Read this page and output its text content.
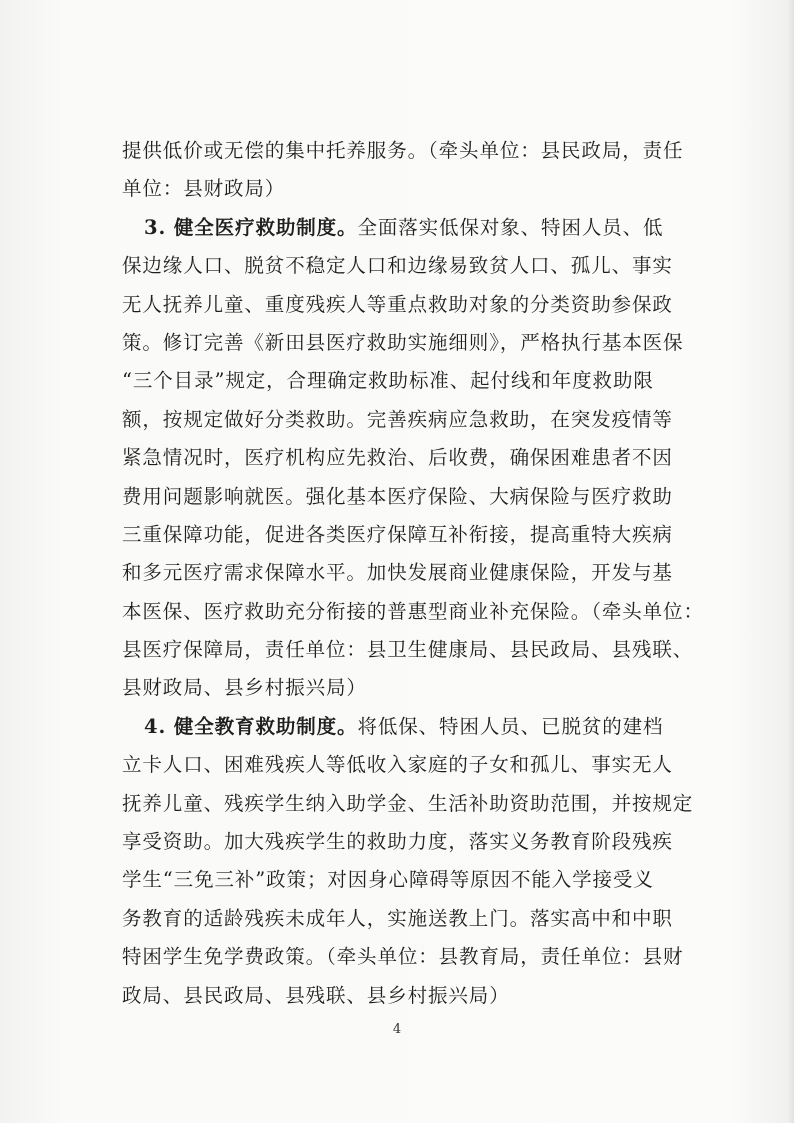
提供低价或无偿的集中托养服务。（牵头单位：县民政局，责任
单位：县财政局）
3. 健全医疗救助制度。全面落实低保对象、特困人员、低
保边缘人口、脱贫不稳定人口和边缘易致贫人口、孤儿、事实
无人抚养儿童、重度残疾人等重点救助对象的分类资助参保政
策。修订完善《新田县医疗救助实施细则》，严格执行基本医保
“三个目录”规定，合理确定救助标准、起付线和年度救助限
额，按规定做好分类救助。完善疾病应急救助，在突发疫情等
紧急情况时，医疗机构应先救治、后收费，确保困难患者不因
费用问题影响就医。强化基本医疗保险、大病保险与医疗救助
三重保障功能，促进各类医疗保障互补衔接，提高重特大疾病
和多元医疗需求保障水平。加快发展商业健康保险，开发与基
本医保、医疗救助充分衔接的普惠型商业补充保险。（牵头单位：
县医疗保障局，责任单位：县卫生健康局、县民政局、县残联、
县财政局、县乡村振兴局）
4. 健全教育救助制度。将低保、特困人员、已脱贫的建档
立卡人口、困难残疾人等低收入家庭的子女和孤儿、事实无人
抚养儿童、残疾学生纳入助学金、生活补助资助范围，并按规定
享受资助。加大残疾学生的救助力度，落实义务教育阶段残疾
学生“三免三补”政策；对因身心障碍等原因不能入学接受义
务教育的适龄残疾未成年人，实施送教上门。落实高中和中职
特困学生免学费政策。（牵头单位：县教育局，责任单位：县财
政局、县民政局、县残联、县乡村振兴局）
4
